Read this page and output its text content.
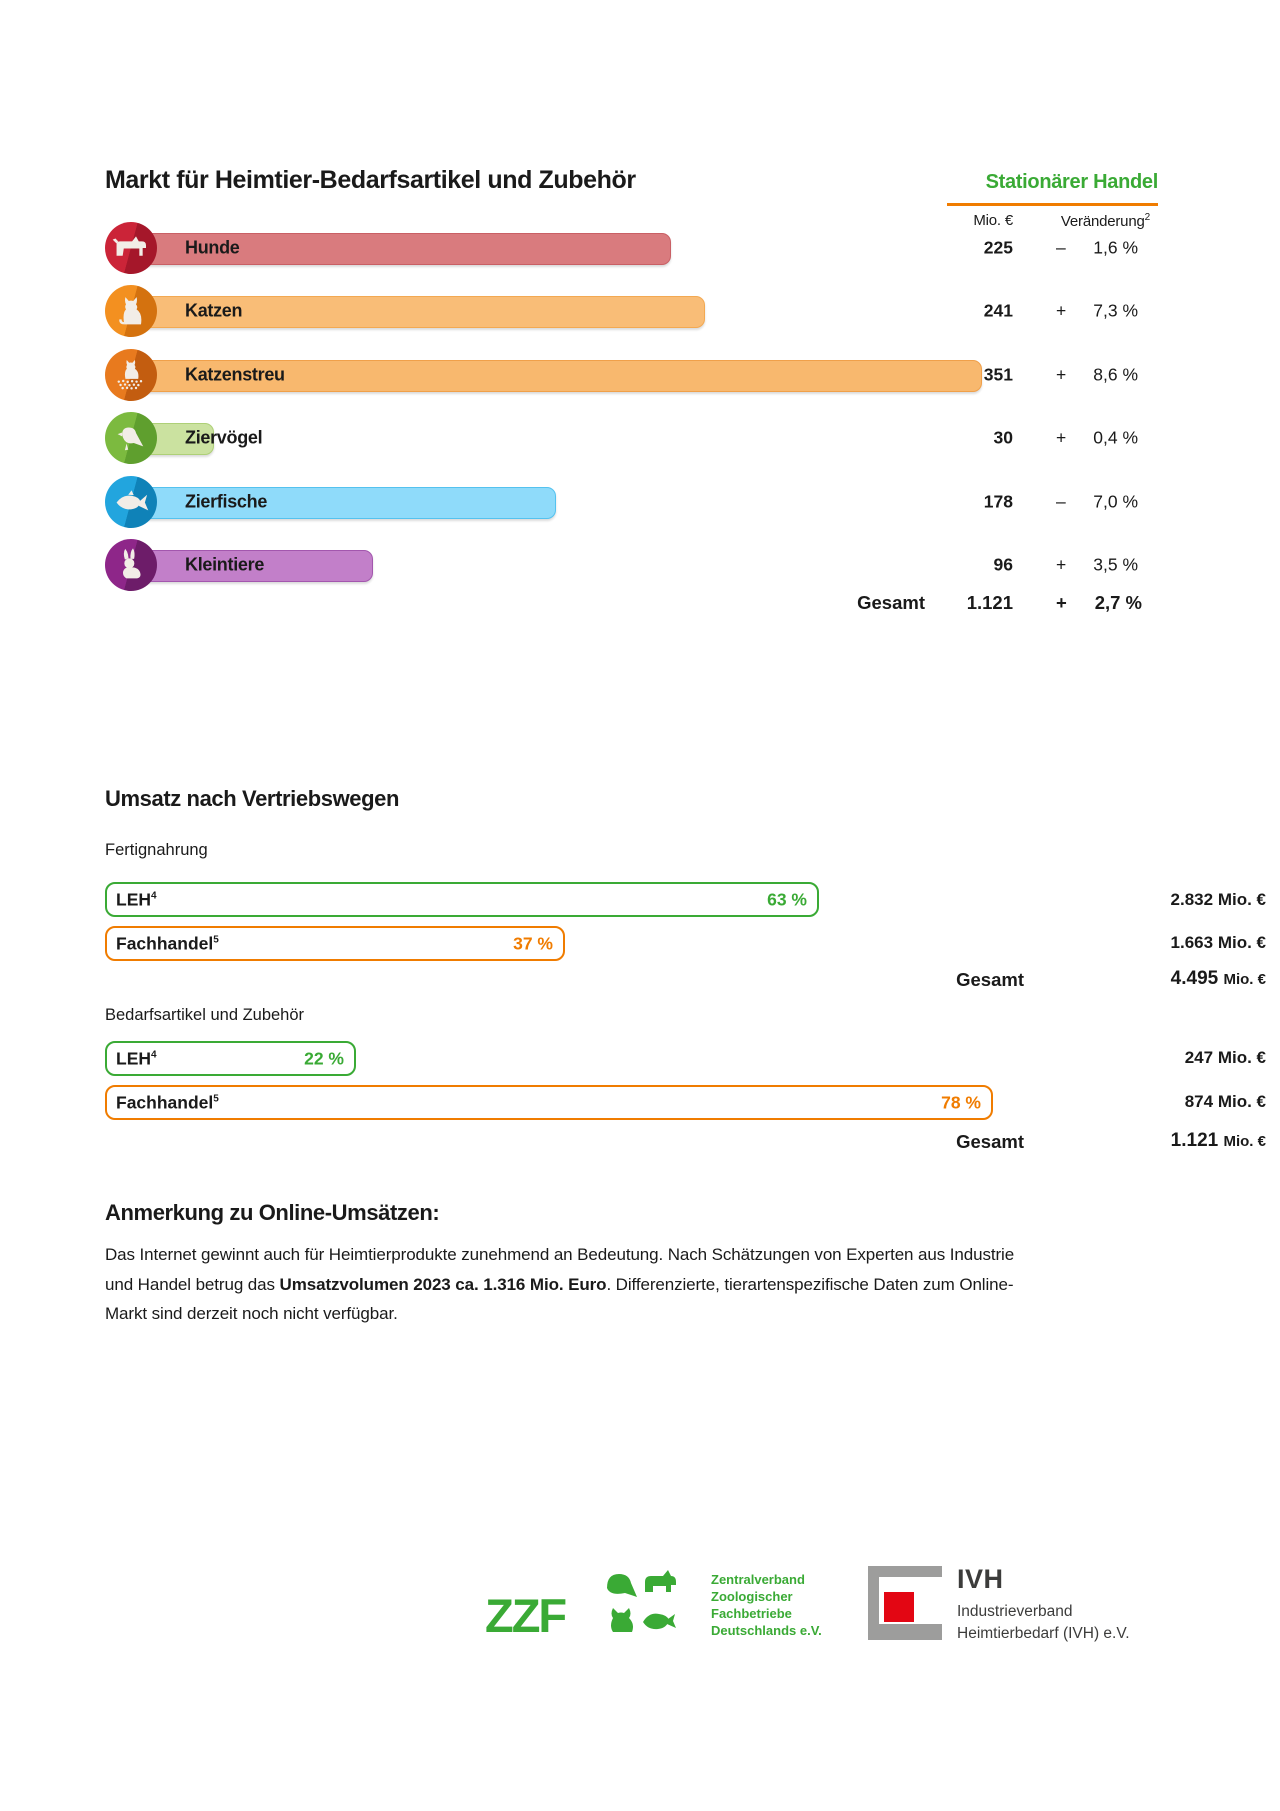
Markt für Heimtier-Bedarfsartikel und Zubehör	Stationärer Handel
Mio. €	Veränderung$^2$
Hunde	225 – 1,6 %
Katzen	241 + 7,3 %
Katzenstreu	351 + 8,6 %
Ziervögel	30 + 0,4 %
Zierfische	178 – 7,0 %
Kleintiere	96 + 3,5 %
Gesamt 1.121 + 2,7 %
Umsatz nach Vertriebswegen
Fertignahrung
LEH$^4$	63 %	2.832 Mio. €
Fachhandel$^5$	37 %	1.663 Mio. €
Gesamt	4.495 Mio. €
Bedarfsartikel und Zubehör
LEH$^4$	22 %	247 Mio. €
Fachhandel$^5$	78 %	874 Mio. €
Gesamt	1.121 Mio. €
Anmerkung zu Online-Umsätzen:

Das Internet gewinnt auch für Heimtierprodukte zunehmend an Bedeutung. Nach Schätzungen von Experten aus Industrie und Handel betrug das Umsatzvolumen 2023 ca. 1.316 Mio. Euro. Differenzierte, tierartenspezifische Daten zum Online-Markt sind derzeit noch nicht verfügbar.

ZZF
Zentralverband
Zoologischer
Fachbetriebe
Deutschlands e.V.
IVH
Industrieverband
Heimtierbedarf (IVH) e.V.
